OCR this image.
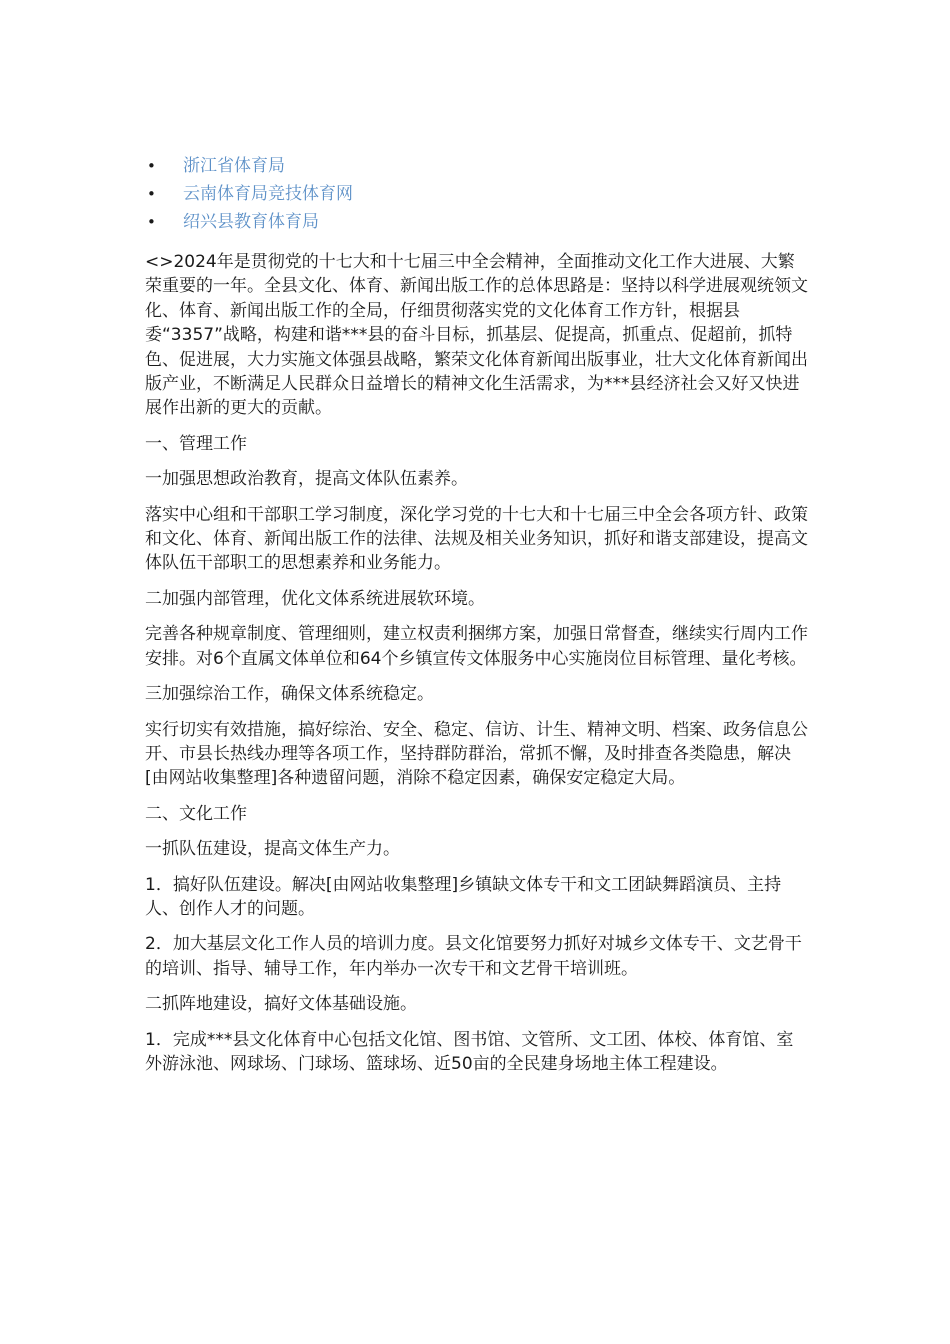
• 浙江省体育局
• 云南体育局竞技体育网
• 绍兴县教育体育局

<>2024年是贯彻党的十七大和十七届三中全会精神，全面推动文化工作大进展、大繁荣重要的一年。全县文化、体育、新闻出版工作的总体思路是：坚持以科学进展观统领文化、体育、新闻出版工作的全局，仔细贯彻落实党的文化体育工作方针，根据县委“3357”战略，构建和谐***县的奋斗目标，抓基层、促提高，抓重点、促超前，抓特色、促进展，大力实施文体强县战略，繁荣文化体育新闻出版事业，壮大文化体育新闻出版产业，不断满足人民群众日益增长的精神文化生活需求，为***县经济社会又好又快进展作出新的更大的贡献。

一、管理工作

一加强思想政治教育，提高文体队伍素养。

落实中心组和干部职工学习制度，深化学习党的十七大和十七届三中全会各项方针、政策和文化、体育、新闻出版工作的法律、法规及相关业务知识，抓好和谐支部建设，提高文体队伍干部职工的思想素养和业务能力。

二加强内部管理，优化文体系统进展软环境。

完善各种规章制度、管理细则，建立权责利捆绑方案，加强日常督查，继续实行周内工作安排。对6个直属文体单位和64个乡镇宣传文体服务中心实施岗位目标管理、量化考核。

三加强综治工作，确保文体系统稳定。

实行切实有效措施，搞好综治、安全、稳定、信访、计生、精神文明、档案、政务信息公开、市县长热线办理等各项工作，坚持群防群治，常抓不懈，及时排查各类隐患，解决[由网站收集整理]各种遗留问题，消除不稳定因素，确保安定稳定大局。

二、文化工作

一抓队伍建设，提高文体生产力。

1．搞好队伍建设。解决[由网站收集整理]乡镇缺文体专干和文工团缺舞蹈演员、主持人、创作人才的问题。

2．加大基层文化工作人员的培训力度。县文化馆要努力抓好对城乡文体专干、文艺骨干的培训、指导、辅导工作，年内举办一次专干和文艺骨干培训班。

二抓阵地建设，搞好文体基础设施。

1．完成***县文化体育中心包括文化馆、图书馆、文管所、文工团、体校、体育馆、室外游泳池、网球场、门球场、篮球场、近50亩的全民建身场地主体工程建设。
